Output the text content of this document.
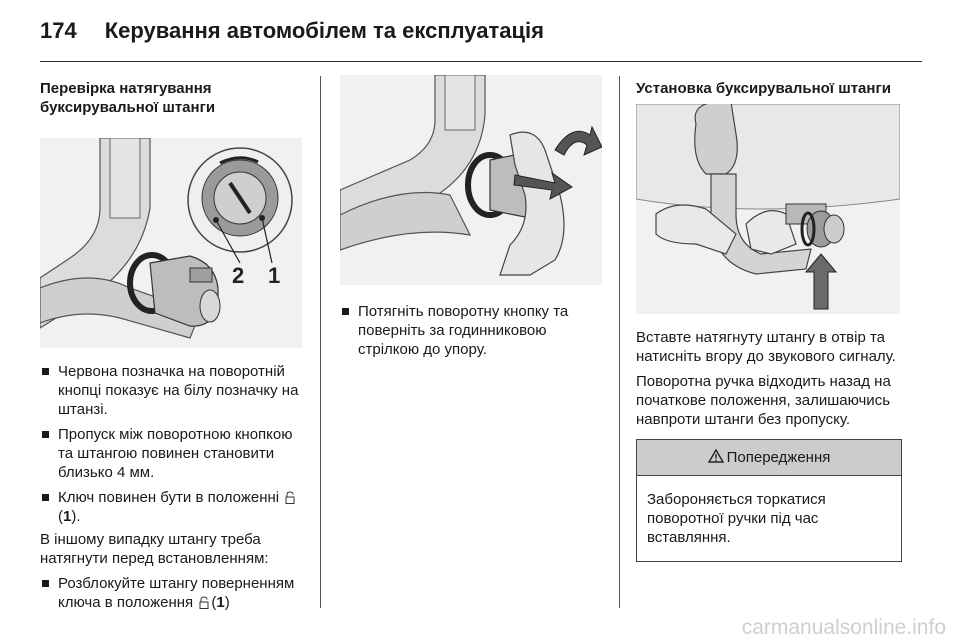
174 Керування автомобілем та експлуатація
Перевірка натягування
буксирувальної штанги
2 1
Червона позначка на поворотній кнопці показує на білу позначку на штанзі.
Пропуск між поворотною кнопкою та штангою повинен становити близько 4 мм.
Ключ повинен бути в положенні
(1).

В іншому випадку штангу треба натягнути перед встановленням:

Розблокуйте штангу поверненням ключа в положення (1)
Потягніть поворотну кнопку та поверніть за годинниковою стрілкою до упору.
Установка буксирувальної штанги

Вставте натягнуту штангу в отвір та натисніть вгору до звукового сигналу.

Поворотна ручка відходить назад на початкове положення, залишаючись навпроти штанги без пропуску.

Попередження
Забороняється торкатися поворотної ручки під час вставляння.
carmanualsonline.info
